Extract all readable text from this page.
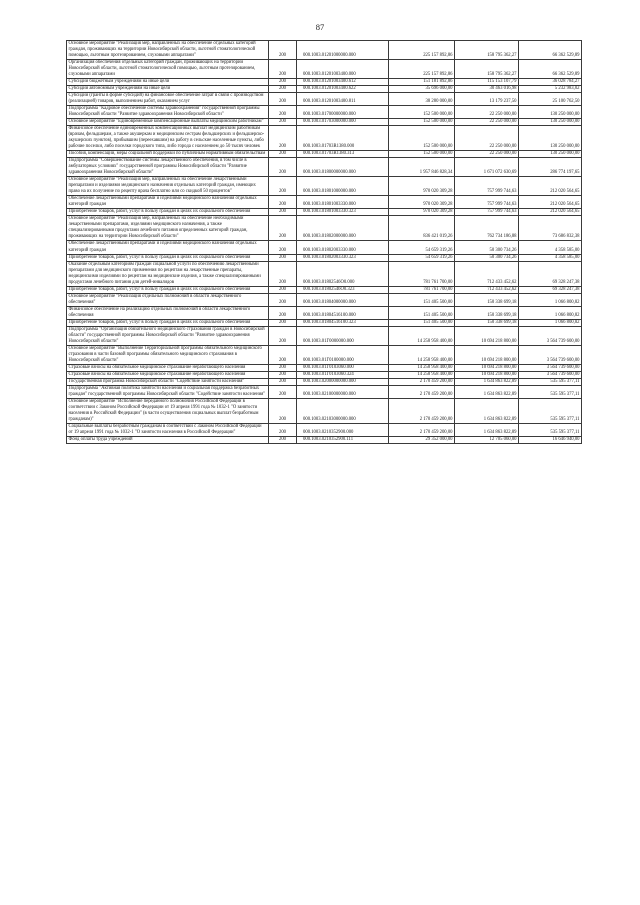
87
Основное мероприятие "Реализация мер, направленных на обеспечение отдельных категорий граждан, проживающих на территории Новосибирской области, льготной стоматологической помощью, льготным протезированием, слуховыми аппаратами"	200	000.1003.01201000000.000	225 157 892,86	158 795 362,27	66 362 529,89
Организация обеспечения отдельных категорий граждан, проживающих на территории Новосибирской области, льготной стоматологической помощью, льготным протезированием, слуховыми аппаратами	200	000.1003.01201003400.000	225 157 892,86	158 795 362,27	66 362 529,89
Субсидии бюджетным учреждениям на иные цели	200	000.1003.01201003400.612	151 181 892,86	115 153 107,79	36 028 784,27
Субсидии автономным учреждениям на иные цели	200	000.1003.01201003400.622	35 696 000,00	30 463 016,98	5 232 983,02
Субсидии (гранты в форме субсидий) на финансовое обеспечение затрат в связи с производством (реализацией) товаров, выполнением работ, оказанием услуг	200	000.1003.01201003400.811	38 280 000,00	13 179 237,50	25 100 762,50
Подпрограмма "Кадровое обеспечение системы здравоохранения" государственной программы Новосибирской области "Развитие здравоохранения Новосибирской области"	200	000.1003.01700000000.000	152 500 000,00	22 250 000,00	130 250 000,00
Основное мероприятие "Единовременные компенсационные выплаты медицинским работникам"	200	000.1003.01703000000.000	152 500 000,00	22 250 000,00	130 250 000,00
Финансовое обеспечение единовременных компенсационных выплат медицинским работникам (врачам, фельдшерам, а также акушеркам и медицинским сестрам фельдшерских и фельдшерско-акушерских пунктов), прибывшим (переехавшим) на работу в сельские населенные пункты, либо рабочие поселки, либо поселки городского типа, либо города с населением до 50 тысяч человек	200	000.1003.01703R1380.000	152 500 000,00	22 250 000,00	130 250 000,00
Пособия, компенсации, меры социальной поддержки по публичным нормативным обязательствам	200	000.1003.01703R1380.313	152 500 000,00	22 250 000,00	130 250 000,00
Подпрограмма "Совершенствование системы лекарственного обеспечения, в том числе в амбулаторных условиях" государственной программы Новосибирской области "Развитие здравоохранения Новосибирской области"	200	000.1003.01800000000.000	1 957 846 828,34	1 671 072 630,69	286 774 197,65
Основное мероприятие "Реализация мер, направленных на обеспечение лекарственными препаратами и изделиями медицинского назначения отдельных категорий граждан, имеющих право на их получение по рецепту врача бесплатно или со скидкой 50 процентов"	200	000.1003.01801000000.000	970 020 309,28	757 999 744,63	212 020 564,65
Обеспечение лекарственными препаратами и изделиями медицинского назначения отдельных категорий граждан	200	000.1003.01801003330.000	970 020 309,28	757 999 744,63	212 020 564,65
Приобретение товаров, работ, услуг в пользу граждан в целях их социального обеспечения	200	000.1003.01801003330.323	970 020 309,28	757 999 744,63	212 020 564,65
Основное мероприятие "Реализация мер, направленных на обеспечение необходимыми лекарственными препаратами, изделиями медицинского назначения, а также специализированными продуктами лечебного питания определенных категорий граждан, проживающих на территории Новосибирской области"	200	000.1003.01802000000.000	836 421 019,26	762 734 186,88	73 686 832,38
Обеспечение лекарственными препаратами и изделиями медицинского назначения отдельных категорий граждан	200	000.1003.01802003330.000	54 659 319,26	50 300 734,26	4 358 585,00
Приобретение товаров, работ, услуг в пользу граждан в целях их социального обеспечения	200	000.1003.01802003330.323	54 659 319,26	50 300 734,26	4 358 585,00
Оказание отдельным категориям граждан социальной услуги по обеспечению лекарственными препаратами для медицинского применения по рецептам на лекарственные препараты, медицинскими изделиями по рецептам на медицинские изделия, а также специализированными продуктами лечебного питания для детей-инвалидов	200	000.1003.01802546О0.000	781 761 700,00	712 433 452,62	69 328 247,38
Приобретение товаров, работ, услуг в пользу граждан в целях их социального обеспечения	200	000.1003.01802546О0.323	781 761 700,00	712 433 452,62	69 328 247,38
Основное мероприятие "Реализация отдельных полномочий в области лекарственного обеспечения"	200	000.1003.01804000000.000	151 405 500,00	150 338 699,18	1 066 800,82
Финансовое обеспечение на реализацию отдельных полномочий в области лекарственного обеспечения	200	000.1003.01804516100.000	151 405 500,00	150 338 699,18	1 066 800,82
Приобретение товаров, работ, услуг в пользу граждан в целях их социального обеспечения	200	000.1003.01804516100.323	151 405 500,00	150 338 699,18	1 066 800,82
Подпрограмма "Организация обязательного медицинского страхования граждан в Новосибирской области" государственной программы Новосибирской области "Развитие здравоохранения Новосибирской области"	200	000.1003.01Г0000000.000	14 258 958 400,00	10 694 218 800,00	3 564 739 600,00
Основное мероприятие "Выполнение Территориальной программы обязательного медицинского страхования в части базовой программы обязательного медицинского страхования в Новосибирской области"	200	000.1003.01Г0100000.000	14 258 958 400,00	10 694 218 800,00	3 564 739 600,00
Страховые взносы на обязательное медицинское страхование неработающего населения	200	000.1003.01Г0103060.000	14 258 958 400,00	10 694 218 800,00	3 564 739 600,00
Страховые взносы на обязательное медицинское страхование неработающего населения	200	000.1003.01Г0103060.324	14 258 958 400,00	10 694 218 800,00	3 564 739 600,00
Государственная программа Новосибирской области "Содействие занятости населения"	200	000.1003.02000000000.000	2 170 459 200,00	1 634 863 822,89	535 595 377,11
Подпрограмма "Активная политика занятости населения и социальная поддержка безработных граждан" государственной программы Новосибирской области "Содействие занятости населения"	200	000.1003.02100000000.000	2 170 459 200,00	1 634 863 822,89	535 595 377,11
Основное мероприятие "Исполнение переданного полномочия Российской Федерации в соответствии с Законом Российской Федерации от 19 апреля 1991 года № 1032-1 "О занятости населения в Российской Федерации" (в части осуществления социальных выплат безработным гражданам)"	200	000.1003.02103000000.000	2 170 459 200,00	1 634 863 822,89	535 595 377,11
Социальные выплаты безработным гражданам в соответствии с Законом Российской Федерации от 19 апреля 1991 года № 1032-1 "О занятости населения в Российской Федерации"	200	000.1003.0210352900.000	2 170 459 200,00	1 634 863 822,89	535 595 377,11
Фонд оплаты труда учреждений	200	000.1003.0210352900.111	29 352 000,00	12 705 060,00	16 646 940,00
